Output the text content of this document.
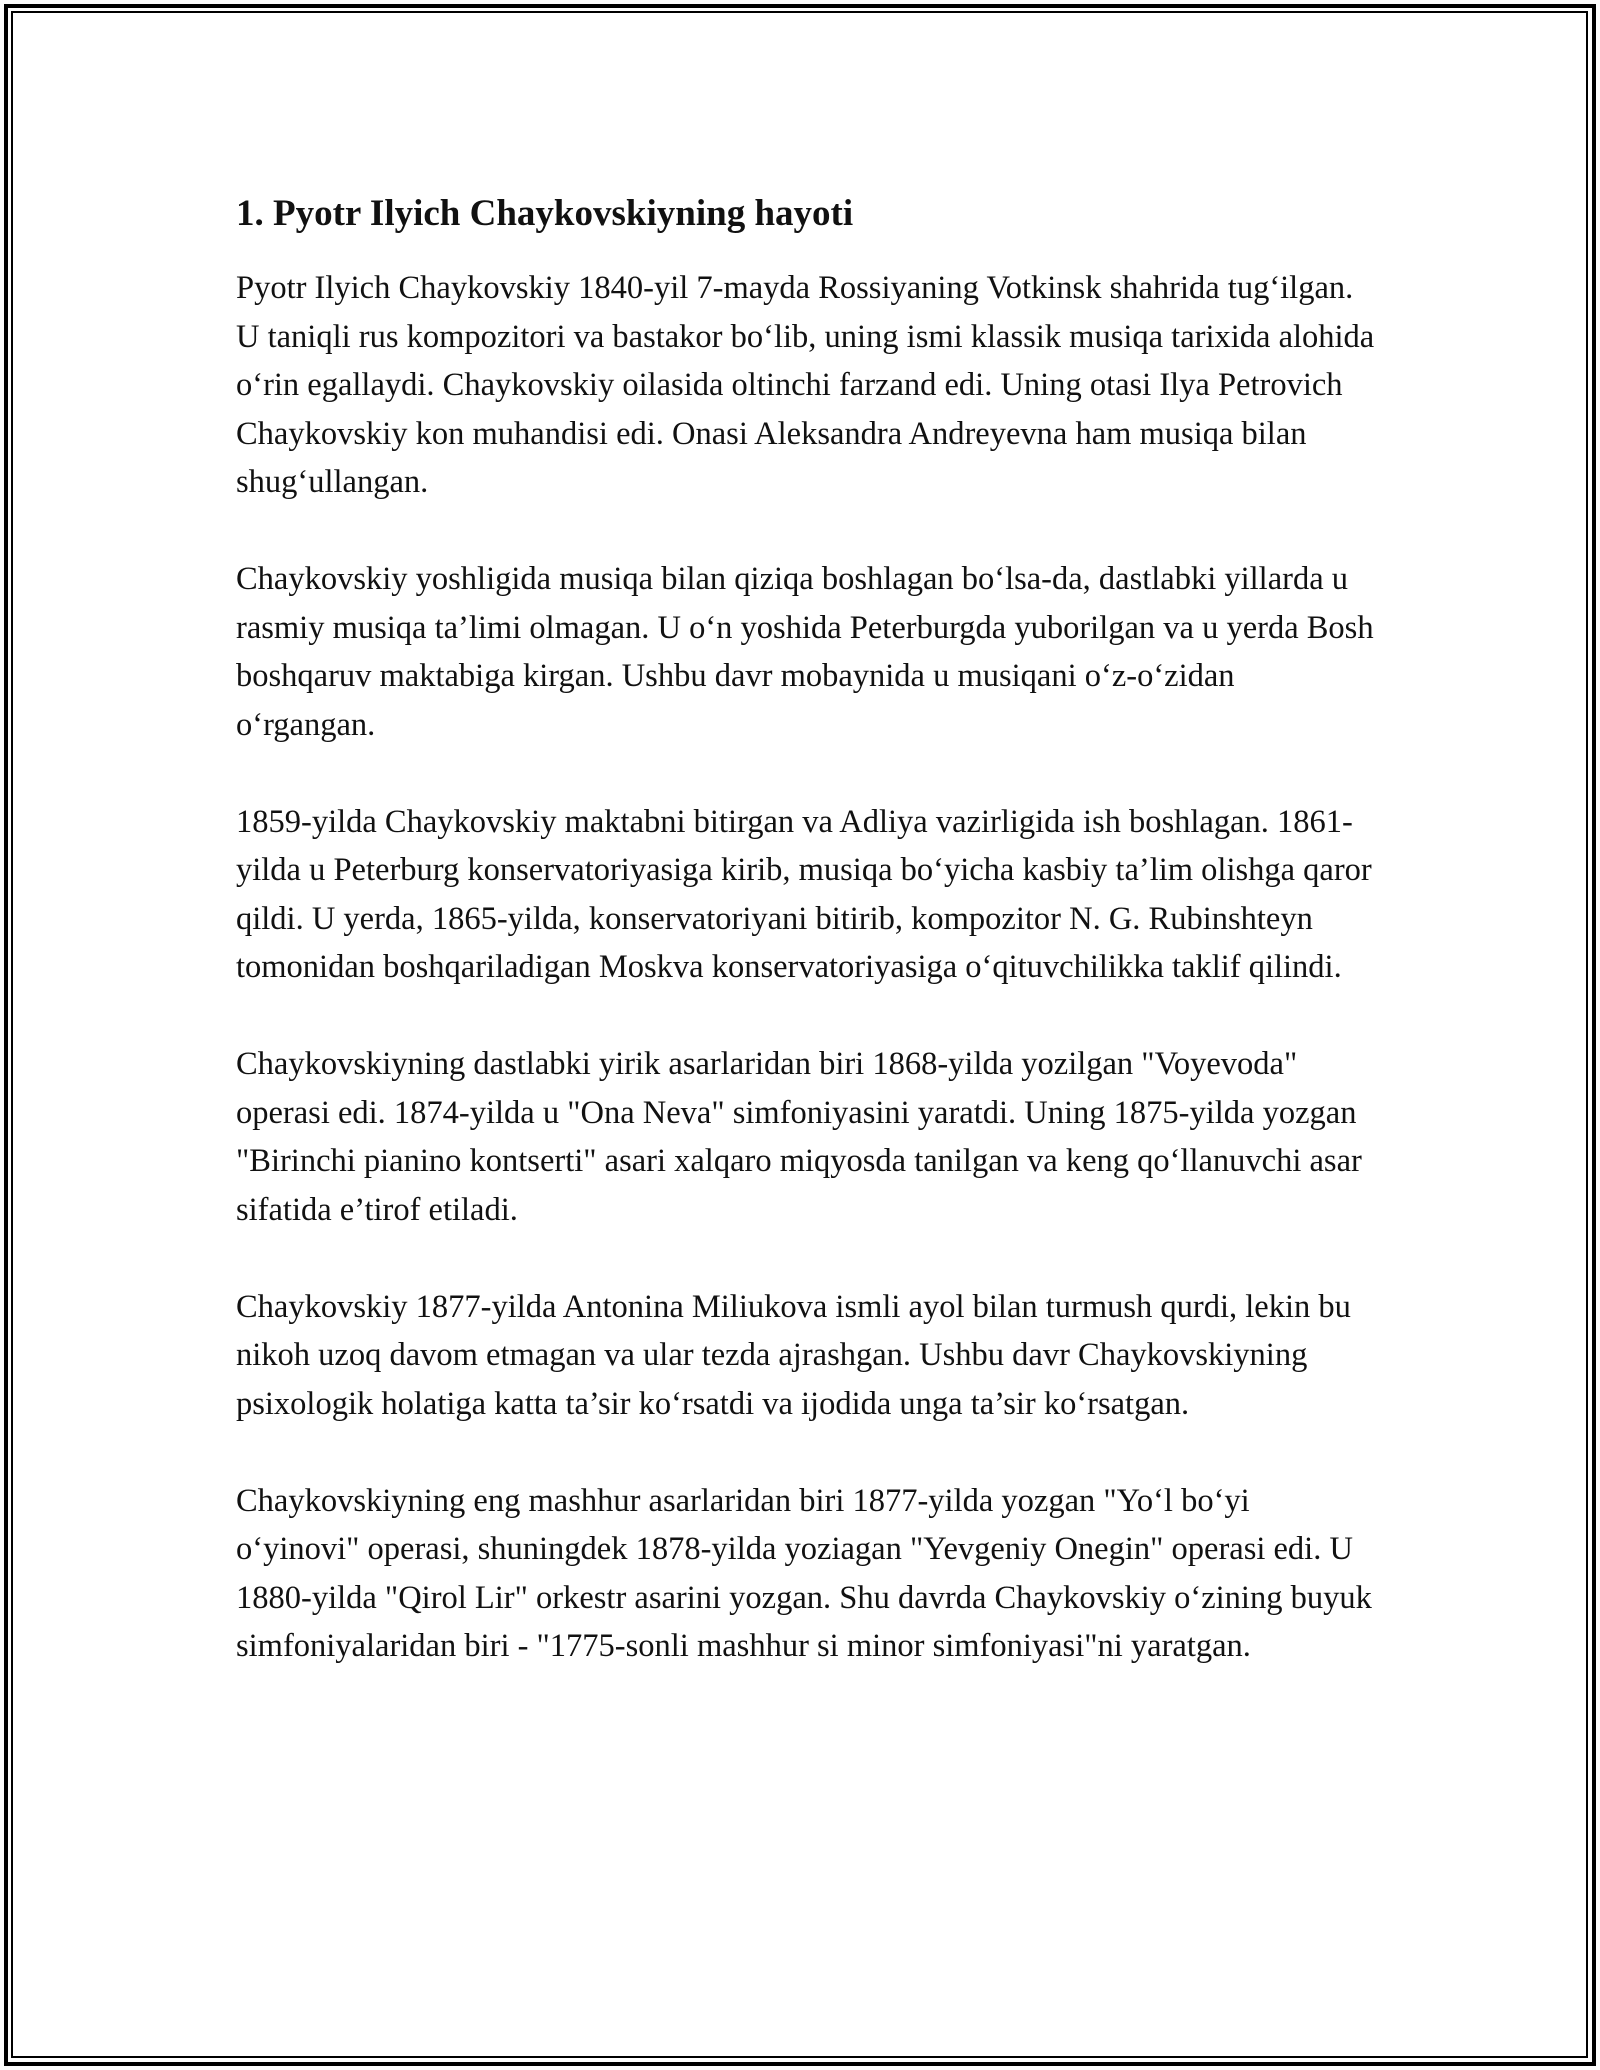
1. Pyotr Ilyich Chaykovskiyning hayoti

Pyotr Ilyich Chaykovskiy 1840-yil 7-mayda Rossiyaning Votkinsk shahrida tug‘ilgan. U taniqli rus kompozitori va bastakor bo‘lib, uning ismi klassik musiqa tarixida alohida o‘rin egallaydi. Chaykovskiy oilasida oltinchi farzand edi. Uning otasi Ilya Petrovich Chaykovskiy kon muhandisi edi. Onasi Aleksandra Andreyevna ham musiqa bilan shug‘ullangan.

Chaykovskiy yoshligida musiqa bilan qiziqa boshlagan bo‘lsa-da, dastlabki yillarda u rasmiy musiqa ta’limi olmagan. U o‘n yoshida Peterburgda yuborilgan va u yerda Bosh boshqaruv maktabiga kirgan. Ushbu davr mobaynida u musiqani o‘z-o‘zidan o‘rgangan.

1859-yilda Chaykovskiy maktabni bitirgan va Adliya vazirligida ish boshlagan. 1861-yilda u Peterburg konservatoriyasiga kirib, musiqa bo‘yicha kasbiy ta’lim olishga qaror qildi. U yerda, 1865-yilda, konservatoriyani bitirib, kompozitor N. G. Rubinshteyn tomonidan boshqariladigan Moskva konservatoriyasiga o‘qituvchilikka taklif qilindi.

Chaykovskiyning dastlabki yirik asarlaridan biri 1868-yilda yozilgan "Voyevoda" operasi edi. 1874-yilda u "Ona Neva" simfoniyasini yaratdi. Uning 1875-yilda yozgan "Birinchi pianino kontserti" asari xalqaro miqyosda tanilgan va keng qo‘llanuvchi asar sifatida e’tirof etiladi.

Chaykovskiy 1877-yilda Antonina Miliukova ismli ayol bilan turmush qurdi, lekin bu nikoh uzoq davom etmagan va ular tezda ajrashgan. Ushbu davr Chaykovskiyning psixologik holatiga katta ta’sir ko‘rsatdi va ijodida unga ta’sir ko‘rsatgan.

Chaykovskiyning eng mashhur asarlaridan biri 1877-yilda yozgan "Yo‘l bo‘yi o‘yinovi" operasi, shuningdek 1878-yilda yoziagan "Yevgeniy Onegin" operasi edi. U 1880-yilda "Qirol Lir" orkestr asarini yozgan. Shu davrda Chaykovskiy o‘zining buyuk simfoniyalaridan biri - "1775-sonli mashhur si minor simfoniyasi"ni yaratgan.
